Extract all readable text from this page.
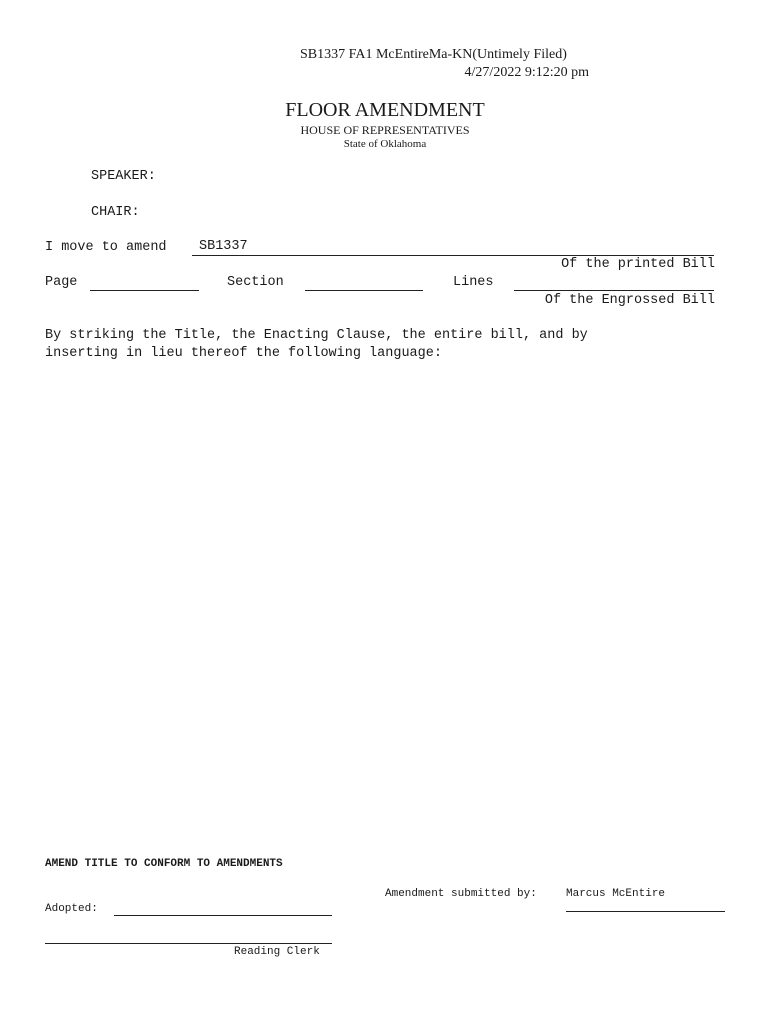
SB1337 FA1 McEntireMa-KN(Untimely Filed)
4/27/2022 9:12:20 pm
FLOOR AMENDMENT
HOUSE OF REPRESENTATIVES
State of Oklahoma
SPEAKER:
CHAIR:
I move to amend SB1337
Of the printed Bill
Page	Section	Lines
Of the Engrossed Bill
By striking the Title, the Enacting Clause, the entire bill, and by
inserting in lieu thereof the following language:
AMEND TITLE TO CONFORM TO AMENDMENTS
Amendment submitted by:	Marcus McEntire
Adopted:
Reading Clerk
